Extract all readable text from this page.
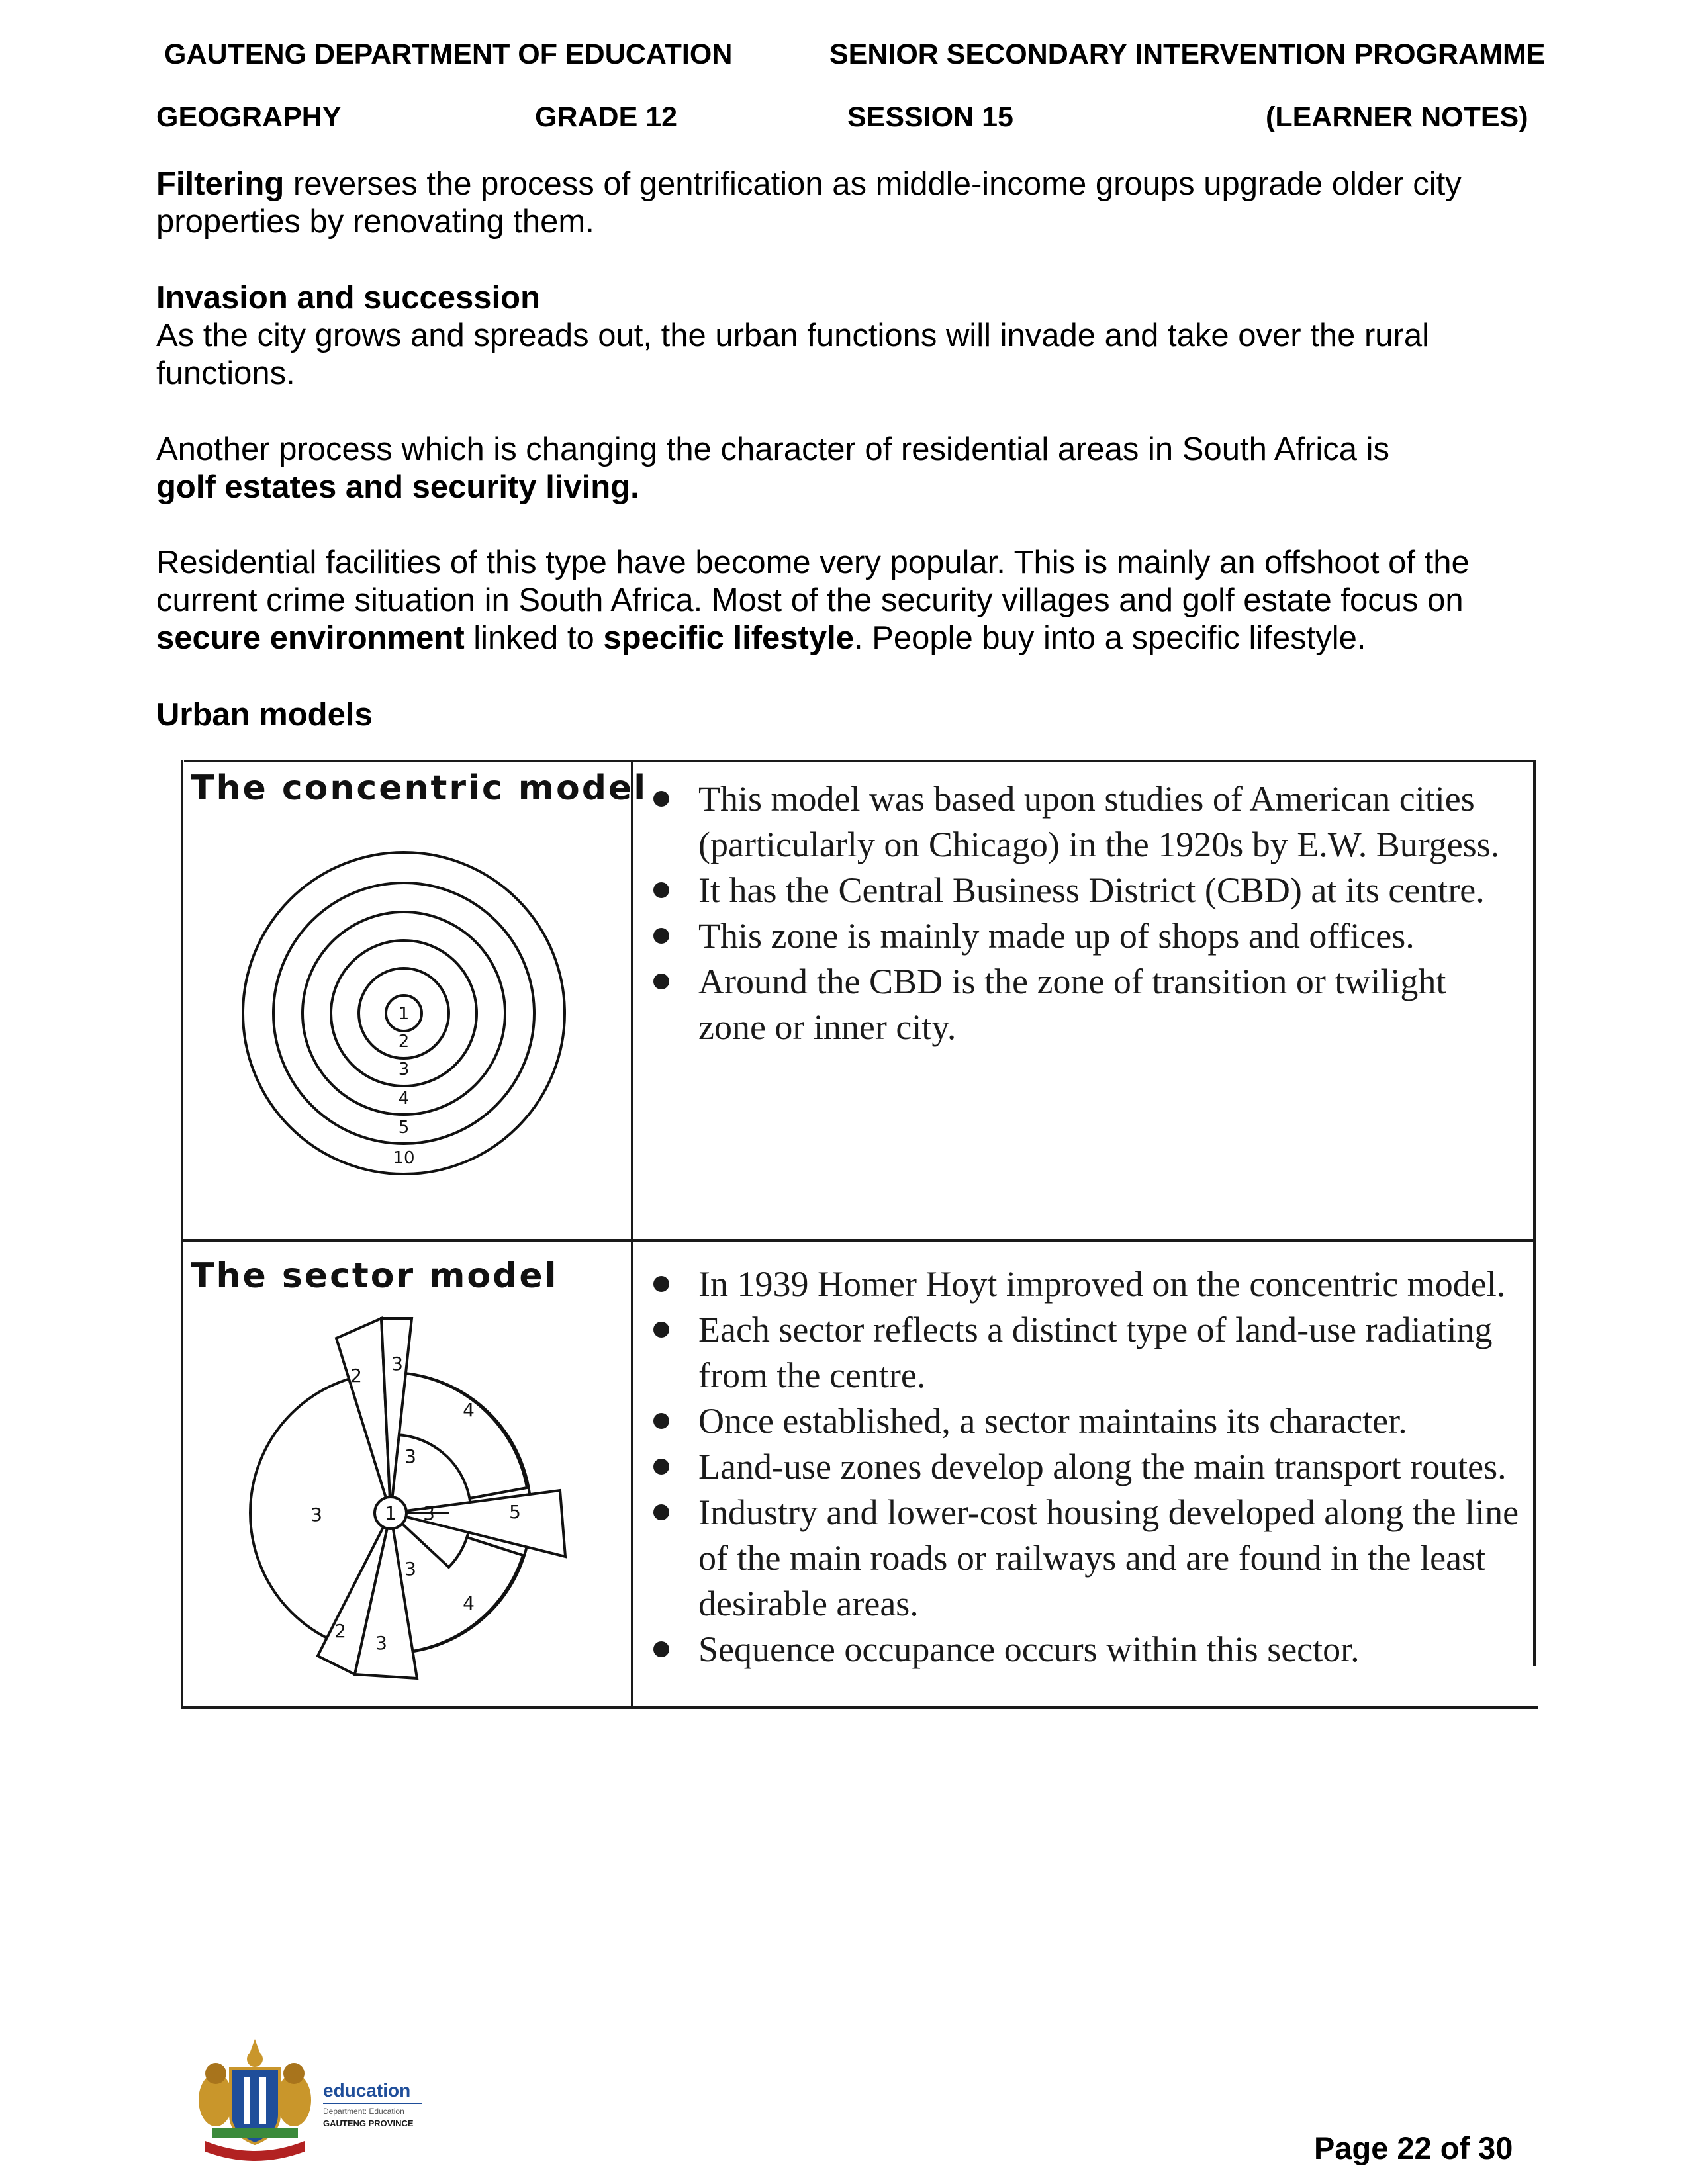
GAUTENG DEPARTMENT OF EDUCATION	SENIOR SECONDARY INTERVENTION PROGRAMME
GEOGRAPHY	GRADE 12	SESSION 15	(LEARNER NOTES)
Filtering reverses the process of gentrification as middle-income groups upgrade older city properties by renovating them.
Invasion and succession
As the city grows and spreads out, the urban functions will invade and take over the rural functions.
Another process which is changing the character of residential areas in South Africa is
golf estates and security living.
Residential facilities of this type have become very popular. This is mainly an offshoot of the current crime situation in South Africa. Most of the security villages and golf estate focus on secure environment linked to specific lifestyle. People buy into a specific lifestyle.
Urban models
The concentric model
1
2
3
4
5
10
This model was based upon studies of American cities (particularly on Chicago) in the 1920s by E.W. Burgess.
It has the Central Business District (CBD) at its centre.
This zone is mainly made up of shops and offices.
Around the CBD is the zone of transition or twilight zone or inner city.
The sector model
1
2
3
4
3
3	5
3
3
4
2
3
In 1939 Homer Hoyt improved on the concentric model.
Each sector reflects a distinct type of land-use radiating from the centre.
Once established, a sector maintains its character.
Land-use zones develop along the main transport routes.
Industry and lower-cost housing developed along the line of the main roads or railways and are found in the least desirable areas.
Sequence occupance occurs within this sector.
education
Department: Education
GAUTENG PROVINCE
Page 22 of 30
